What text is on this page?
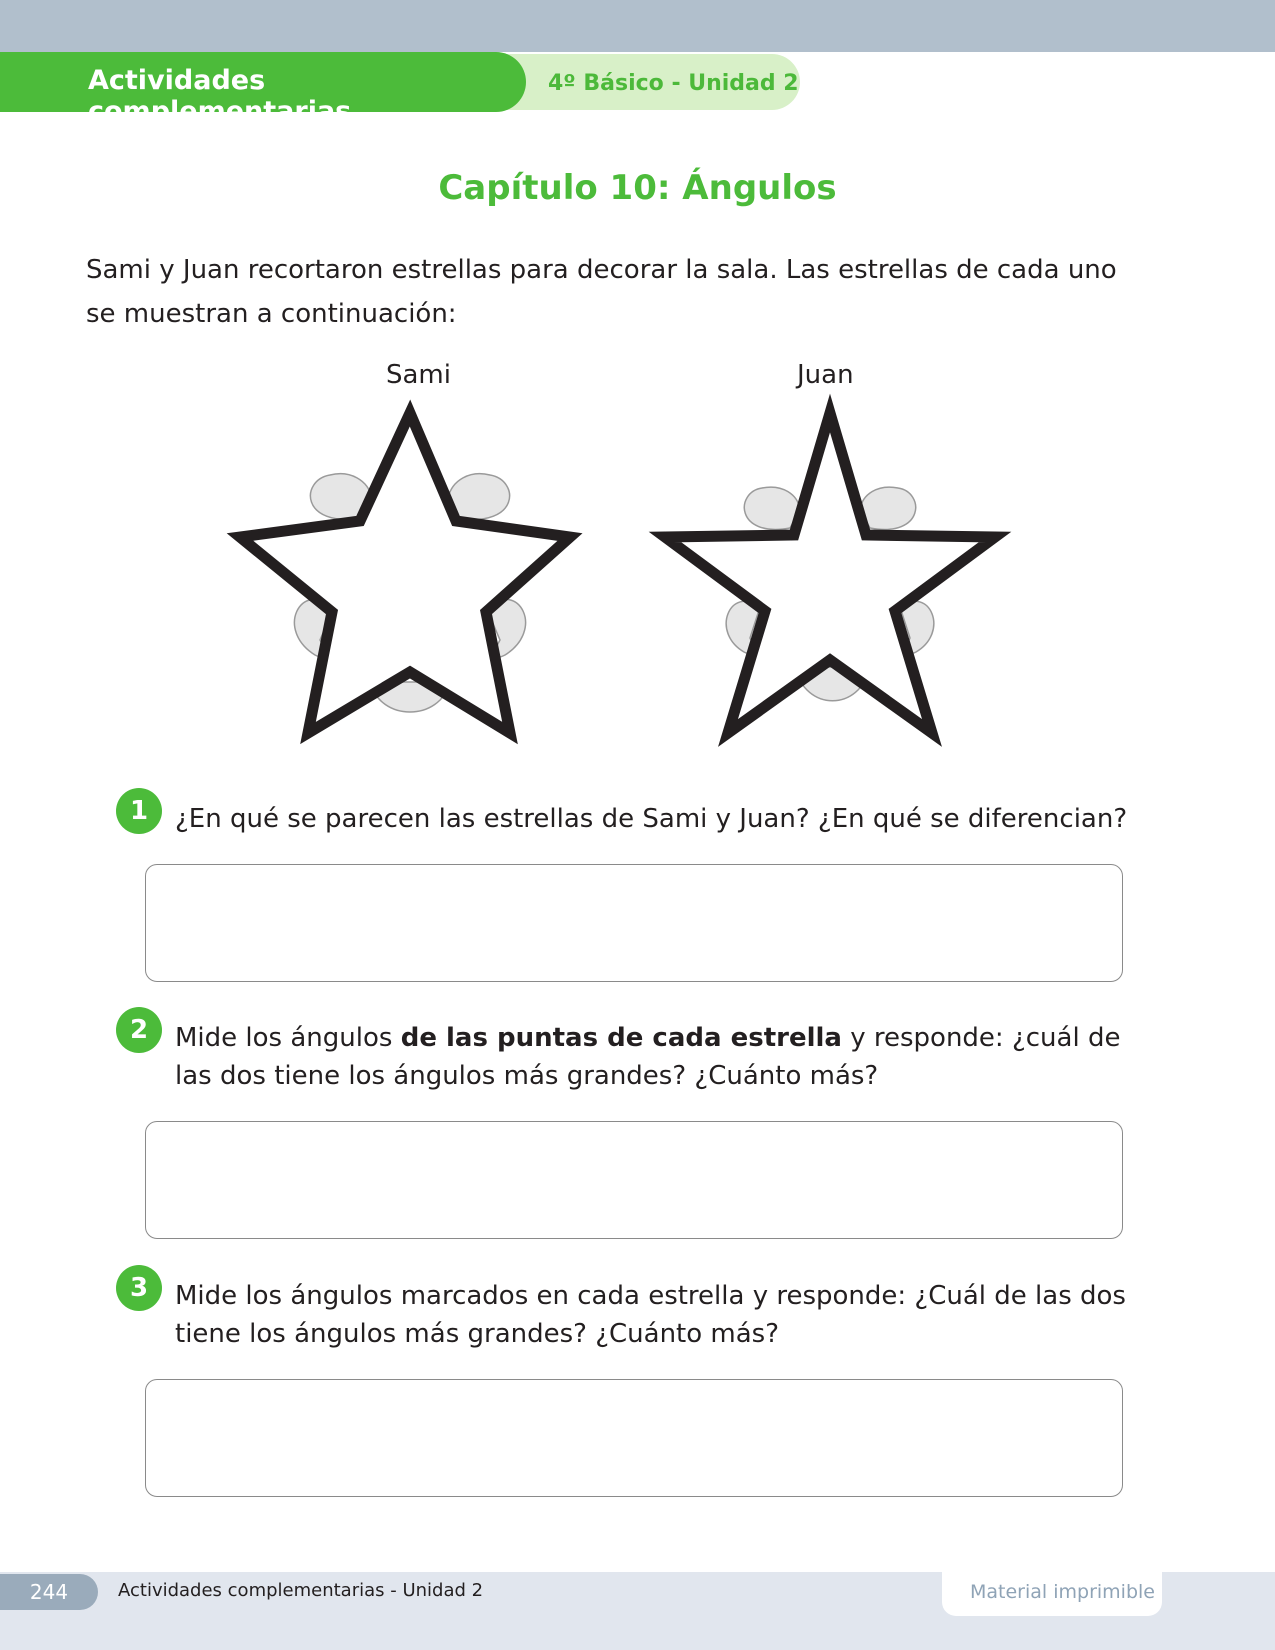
4º Básico - Unidad 2
Actividades complementarias
Capítulo 10: Ángulos
Sami y Juan recortaron estrellas para decorar la sala. Las estrellas de cada uno se muestran a continuación:
Sami	Juan
1	¿En qué se parecen las estrellas de Sami y Juan? ¿En qué se diferencian?
2	Mide los ángulos de las puntas de cada estrella y responde: ¿cuál de las dos tiene los ángulos más grandes? ¿Cuánto más?
3	Mide los ángulos marcados en cada estrella y responde: ¿Cuál de las dos tiene los ángulos más grandes? ¿Cuánto más?
244	Actividades complementarias - Unidad 2	Material imprimible
